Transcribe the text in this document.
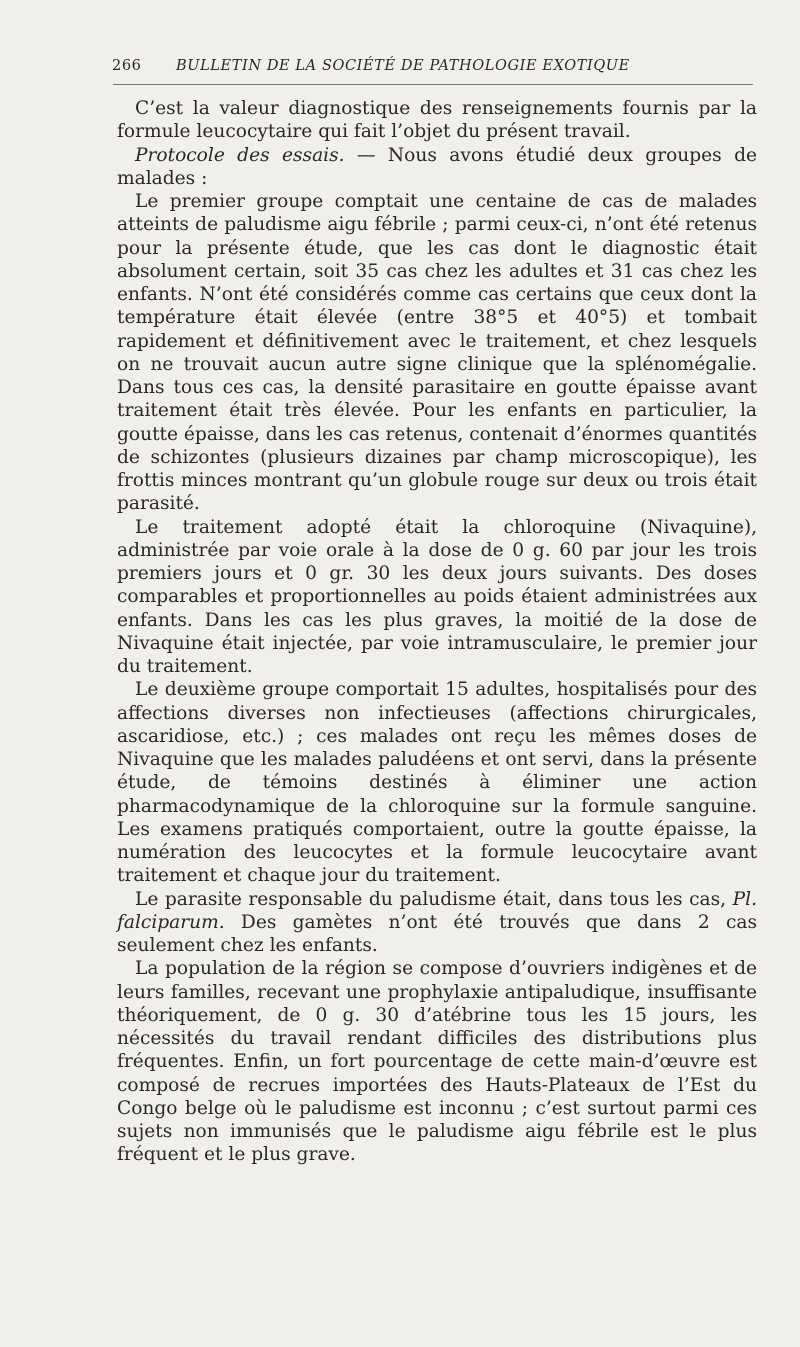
266 BULLETIN DE LA SOCIÉTÉ DE PATHOLOGIE EXOTIQUE

C’est la valeur diagnostique des renseignements fournis par la formule leucocytaire qui fait l’objet du présent travail.

Protocole des essais. — Nous avons étudié deux groupes de malades :

Le premier groupe comptait une centaine de cas de malades atteints de paludisme aigu fébrile ; parmi ceux-ci, n’ont été retenus pour la présente étude, que les cas dont le diagnostic était absolument certain, soit 35 cas chez les adultes et 31 cas chez les enfants. N’ont été considérés comme cas certains que ceux dont la température était élevée (entre 38°5 et 40°5) et tombait rapidement et définitivement avec le traitement, et chez lesquels on ne trouvait aucun autre signe clinique que la splénomégalie. Dans tous ces cas, la densité parasitaire en goutte épaisse avant traitement était très élevée. Pour les enfants en particulier, la goutte épaisse, dans les cas retenus, contenait d’énormes quantités de schizontes (plusieurs dizaines par champ microscopique), les frottis minces montrant qu’un globule rouge sur deux ou trois était parasité.

Le traitement adopté était la chloroquine (Nivaquine), administrée par voie orale à la dose de 0 g. 60 par jour les trois premiers jours et 0 gr. 30 les deux jours suivants. Des doses comparables et proportionnelles au poids étaient administrées aux enfants. Dans les cas les plus graves, la moitié de la dose de Nivaquine était injectée, par voie intramusculaire, le premier jour du traitement.

Le deuxième groupe comportait 15 adultes, hospitalisés pour des affections diverses non infectieuses (affections chirurgicales, ascaridiose, etc.) ; ces malades ont reçu les mêmes doses de Nivaquine que les malades paludéens et ont servi, dans la présente étude, de témoins destinés à éliminer une action pharmacodynamique de la chloroquine sur la formule sanguine. Les examens pratiqués comportaient, outre la goutte épaisse, la numération des leucocytes et la formule leucocytaire avant traitement et chaque jour du traitement.

Le parasite responsable du paludisme était, dans tous les cas, Pl. falciparum. Des gamètes n’ont été trouvés que dans 2 cas seulement chez les enfants.

La population de la région se compose d’ouvriers indigènes et de leurs familles, recevant une prophylaxie antipaludique, insuffisante théoriquement, de 0 g. 30 d’atébrine tous les 15 jours, les nécessités du travail rendant difficiles des distributions plus fréquentes. Enfin, un fort pourcentage de cette main-d’œuvre est composé de recrues importées des Hauts-Plateaux de l’Est du Congo belge où le paludisme est inconnu ; c’est surtout parmi ces sujets non immunisés que le paludisme aigu fébrile est le plus fréquent et le plus grave.
